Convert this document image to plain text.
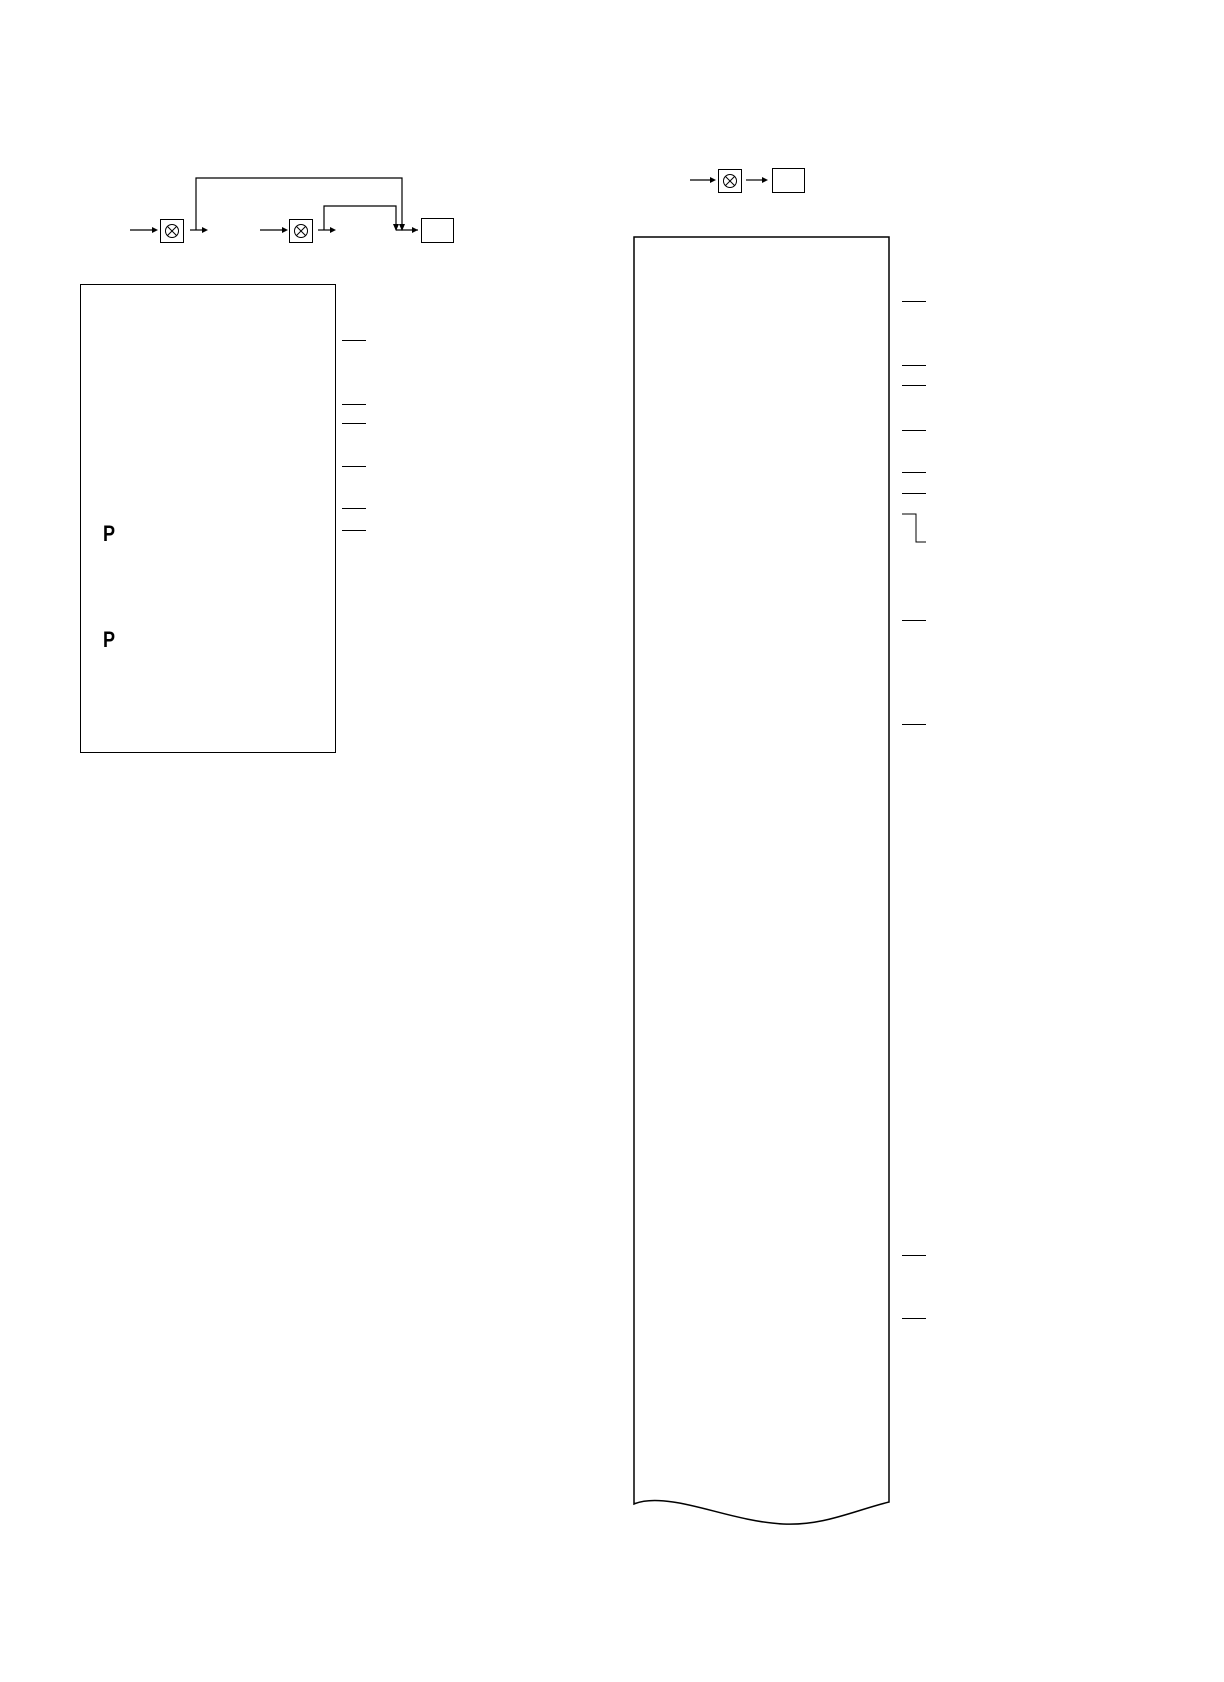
P
P
